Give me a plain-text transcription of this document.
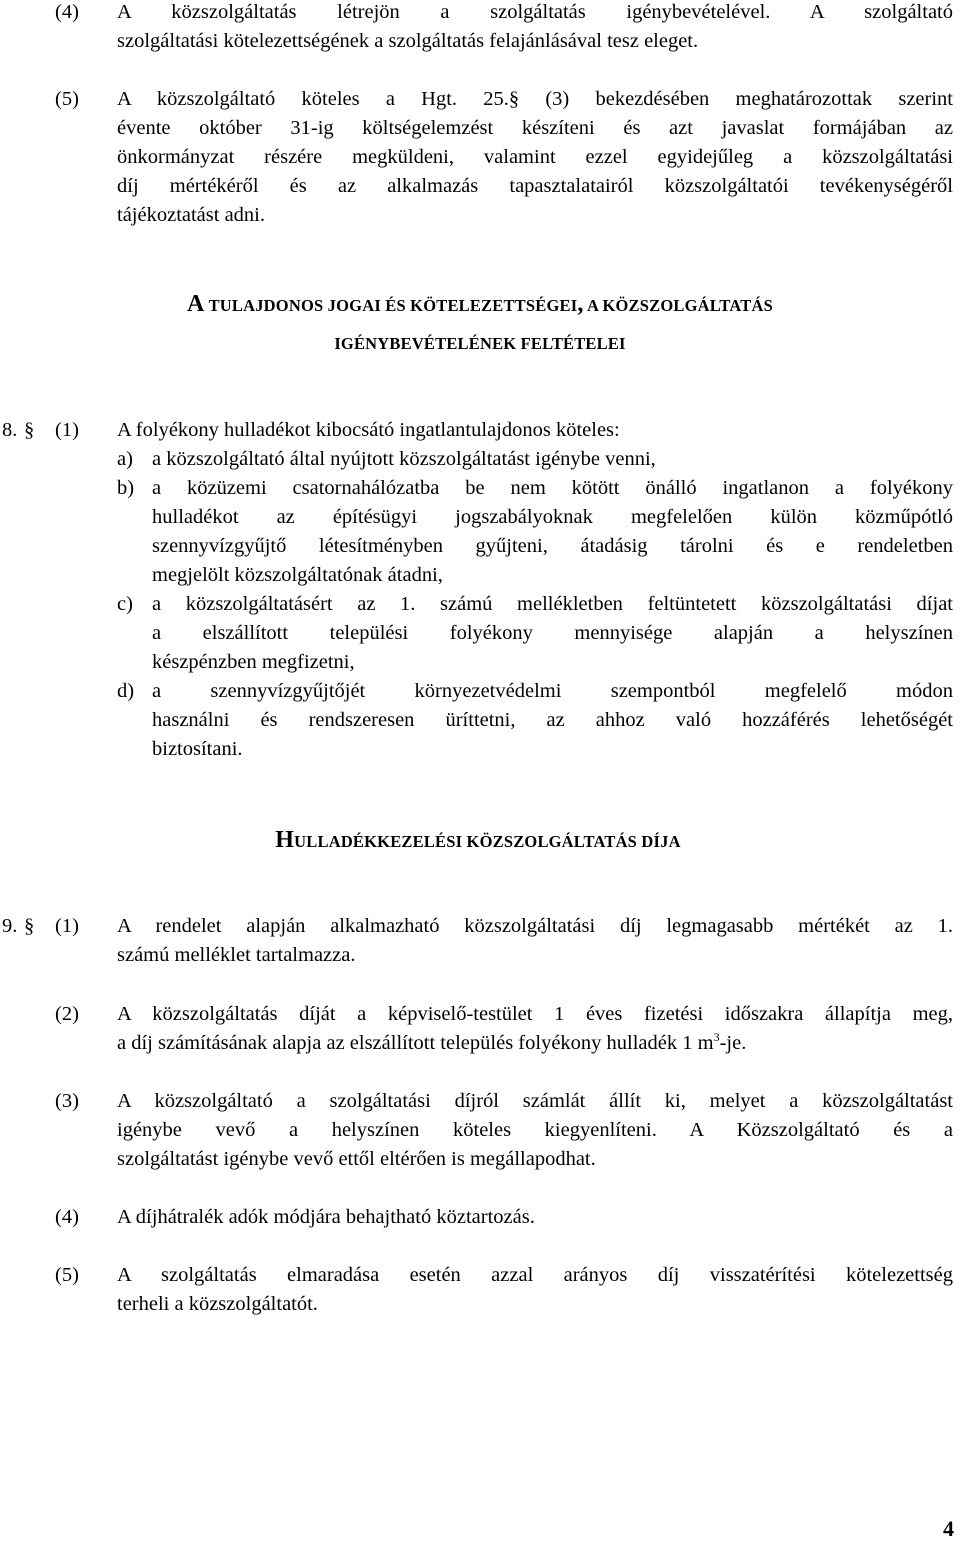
(4) A közszolgáltatás létrejön a szolgáltatás igénybevételével. A szolgáltató
szolgáltatási kötelezettségének a szolgáltatás felajánlásával tesz eleget.
(5) A közszolgáltató köteles a Hgt. 25.§ (3) bekezdésében meghatározottak szerint
évente október 31-ig költségelemzést készíteni és azt javaslat formájában az
önkormányzat részére megküldeni, valamint ezzel egyidejűleg a közszolgáltatási
díj mértékéről és az alkalmazás tapasztalatairól közszolgáltatói tevékenységéről
tájékoztatást adni.
A TULAJDONOS JOGAI ÉS KÖTELEZETTSÉGEI, A KÖZSZOLGÁLTATÁS
IGÉNYBEVÉTELÉNEK FELTÉTELEI
8. § (1) A folyékony hulladékot kibocsátó ingatlantulajdonos köteles:
a) a közszolgáltató által nyújtott közszolgáltatást igénybe venni,
b) a közüzemi csatornahálózatba be nem kötött önálló ingatlanon a folyékony
hulladékot az építésügyi jogszabályoknak megfelelően külön közműpótló
szennyvízgyűjtő létesítményben gyűjteni, átadásig tárolni és e rendeletben
megjelölt közszolgáltatónak átadni,
c) a közszolgáltatásért az 1. számú mellékletben feltüntetett közszolgáltatási díjat
a elszállított települési folyékony mennyisége alapján a helyszínen
készpénzben megfizetni,
d) a szennyvízgyűjtőjét környezetvédelmi szempontból megfelelő módon
használni és rendszeresen üríttetni, az ahhoz való hozzáférés lehetőségét
biztosítani.
HULLADÉKKEZELÉSI KÖZSZOLGÁLTATÁS DÍJA
9. § (1) A rendelet alapján alkalmazható közszolgáltatási díj legmagasabb mértékét az 1.
számú melléklet tartalmazza.
(2) A közszolgáltatás díját a képviselő-testület 1 éves fizetési időszakra állapítja meg,
a díj számításának alapja az elszállított település folyékony hulladék 1 $m^3-je$.
(3) A közszolgáltató a szolgáltatási díjról számlát állít ki, melyet a közszolgáltatást
igénybe vevő a helyszínen köteles kiegyenlíteni. A Közszolgáltató és a
szolgáltatást igénybe vevő ettől eltérően is megállapodhat.
(4) A díjhátralék adók módjára behajtható köztartozás.
(5) A szolgáltatás elmaradása esetén azzal arányos díj visszatérítési kötelezettség
terheli a közszolgáltatót.
4
